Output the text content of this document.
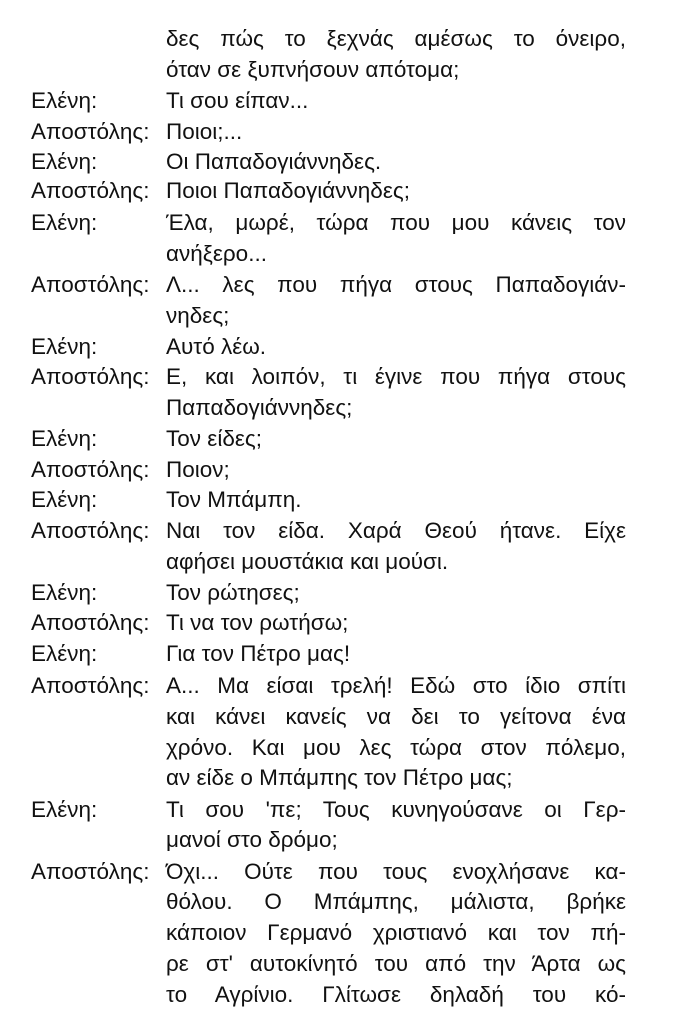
δες πώς το ξεχνάς αμέσως το όνειρο,
όταν σε ξυπνήσουν απότομα;
Ελένη:	Τι σου είπαν...
Αποστόλης: Ποιοι;...
Ελένη:	Οι Παπαδογιάννηδες.
Αποστόλης: Ποιοι Παπαδογιάννηδες;
Ελένη:	Έλα, μωρέ, τώρα που μου κάνεις τον
ανήξερο...
Αποστόλης: Λ... λες που πήγα στους Παπαδογιάν-
νηδες;
Ελένη:	Αυτό λέω.
Αποστόλης: Ε, και λοιπόν, τι έγινε που πήγα στους
Παπαδογιάννηδες;
Ελένη:	Τον είδες;
Αποστόλης: Ποιον;
Ελένη:	Τον Μπάμπη.
Αποστόλης: Ναι τον είδα. Χαρά Θεού ήτανε. Είχε
αφήσει μουστάκια και μούσι.
Ελένη:	Τον ρώτησες;
Αποστόλης: Τι να τον ρωτήσω;
Ελένη:	Για τον Πέτρο μας!
Αποστόλης: Α... Μα είσαι τρελή! Εδώ στο ίδιο σπίτι
και κάνει κανείς να δει το γείτονα ένα
χρόνο. Και μου λες τώρα στον πόλεμο,
αν είδε ο Μπάμπης τον Πέτρο μας;
Ελένη:	Τι σου 'πε; Τους κυνηγούσανε οι Γερ-
μανοί στο δρόμο;
Αποστόλης: Όχι... Ούτε που τους ενοχλήσανε κα-
θόλου. Ο Μπάμπης, μάλιστα, βρήκε
κάποιον Γερμανό χριστιανό και τον πή-
ρε στ' αυτοκίνητό του από την Άρτα ως
το Αγρίνιο. Γλίτωσε δηλαδή του κό-
